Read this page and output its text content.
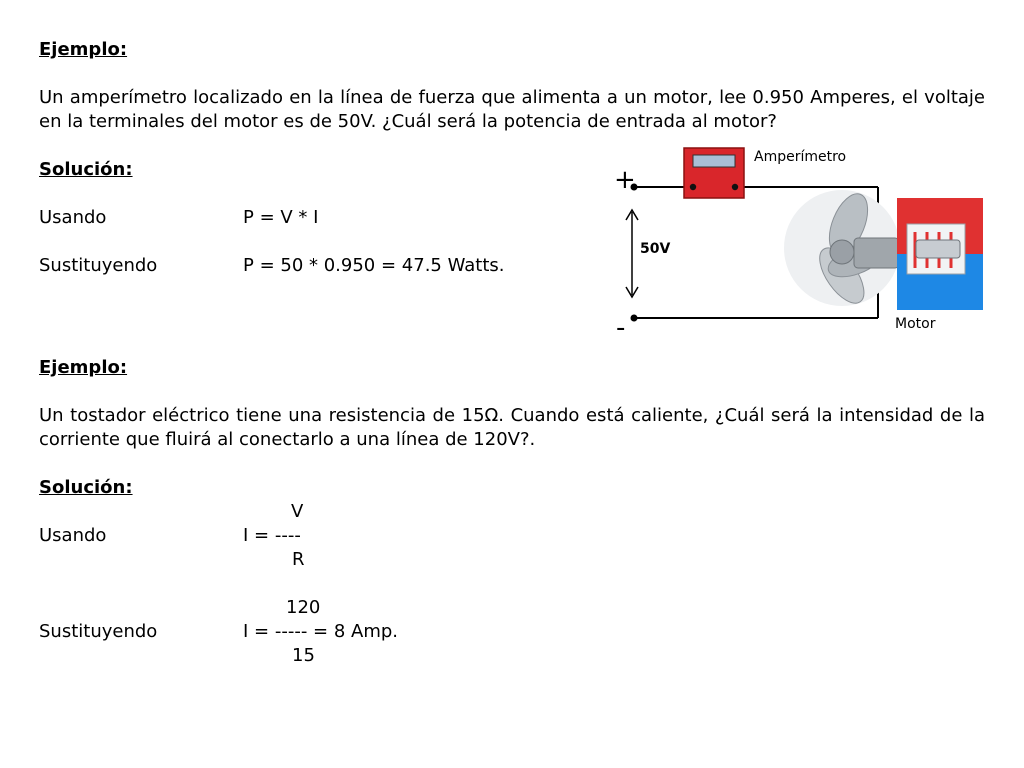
Ejemplo:

Un amperímetro localizado en la línea de fuerza que alimenta a un motor, lee 0.950 Amperes, el voltaje en la terminales del motor es de 50V. ¿Cuál será la potencia de entrada al motor?

Solución:

Usando	P = V * I

Sustituyendo	P = 50 * 0.950 = 47.5 Watts.

Amperímetro
+
-
50V
Motor

Ejemplo:

Un tostador eléctrico tiene una resistencia de 15Ω. Cuando está caliente, ¿Cuál será la intensidad de la corriente que fluirá al conectarlo a una línea de 120V?.

Solución:

V

Usando	I = ----

R

120

Sustituyendo	I = ----- = 8 Amp.

15
